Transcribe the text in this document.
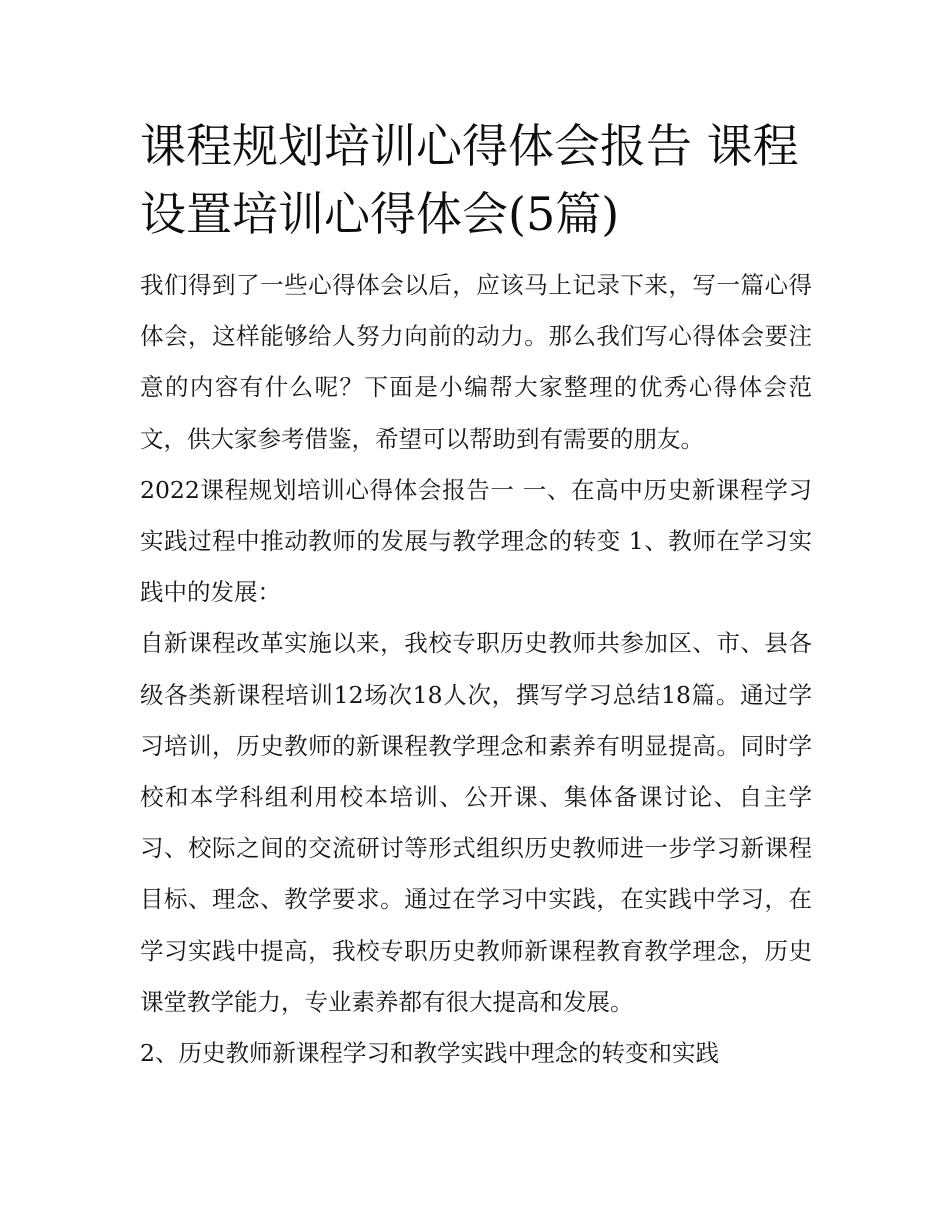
课程规划培训心得体会报告 课程设置培训心得体会(5篇)

我们得到了一些心得体会以后，应该马上记录下来，写一篇心得体会，这样能够给人努力向前的动力。那么我们写心得体会要注意的内容有什么呢？下面是小编帮大家整理的优秀心得体会范文，供大家参考借鉴，希望可以帮助到有需要的朋友。

2022课程规划培训心得体会报告一 一、在高中历史新课程学习实践过程中推动教师的发展与教学理念的转变 1、教师在学习实践中的发展：

自新课程改革实施以来，我校专职历史教师共参加区、市、县各级各类新课程培训12场次18人次，撰写学习总结18篇。通过学习培训，历史教师的新课程教学理念和素养有明显提高。同时学校和本学科组利用校本培训、公开课、集体备课讨论、自主学习、校际之间的交流研讨等形式组织历史教师进一步学习新课程目标、理念、教学要求。通过在学习中实践，在实践中学习，在学习实践中提高，我校专职历史教师新课程教育教学理念，历史课堂教学能力，专业素养都有很大提高和发展。

2、历史教师新课程学习和教学实践中理念的转变和实践
